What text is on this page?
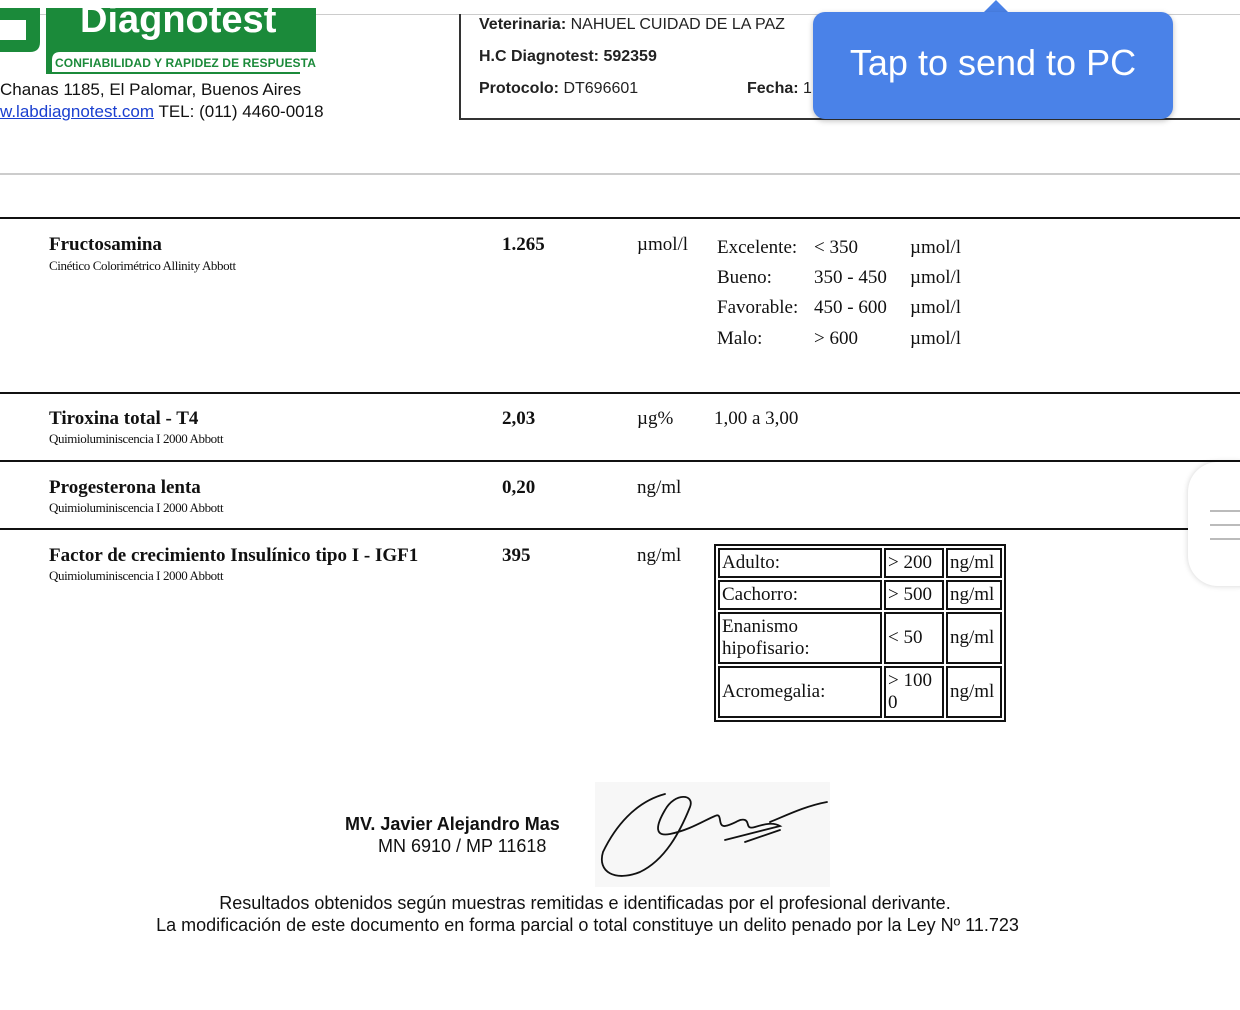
Diagnotest
CONFIABILIDAD Y RAPIDEZ DE RESPUESTA
Chanas 1185, El Palomar, Buenos Aires
w.labdiagnotest.com TEL: (011) 4460-0018
Veterinaria: NAHUEL CUIDAD DE LA PAZ
H.C Diagnotest: 592359
Protocolo: DT696601	Fecha: 1
Tap to send to PC
Fructosamina
Cinético Colorimétrico Allinity Abbott
1.265	µmol/l Excelente: < 350	µmol/l
Bueno: 350 - 450 µmol/l
Favorable: 450 - 600 µmol/l
Malo:	> 600	µmol/l
Tiroxina total - T4
Quimioluminiscencia I 2000 Abbott
2,03	µg% 1,00 a 3,00
Progesterona lenta
Quimioluminiscencia I 2000 Abbott
0,20	ng/ml
Factor de crecimiento Insulínico tipo I - IGF1
Quimioluminiscencia I 2000 Abbott
395	ng/ml Adulto:	> 200	ng/ml
Cachorro:	> 500	ng/ml
Enanismo hipofisario:	< 50	ng/ml
Acromegalia:	> 1000	ng/ml
MV. Javier Alejandro Mas
MN 6910 / MP 11618
Resultados obtenidos según muestras remitidas e identificadas por el profesional derivante.
La modificación de este documento en forma parcial o total constituye un delito penado por la Ley Nº 11.723
